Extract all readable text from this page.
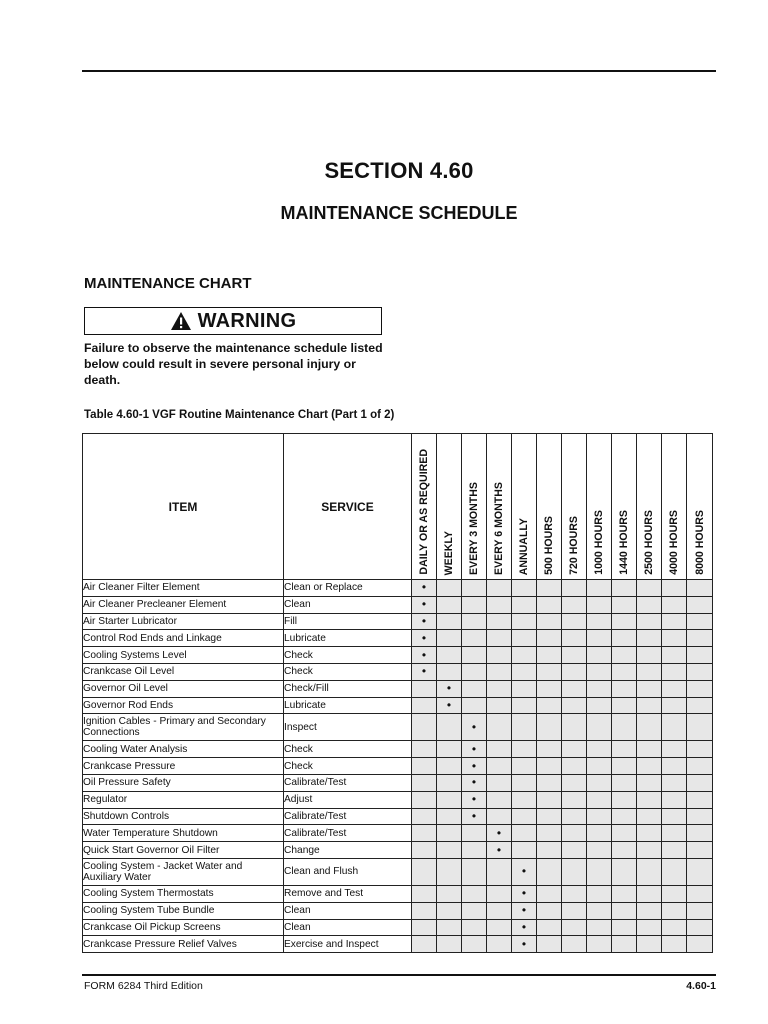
SECTION 4.60
MAINTENANCE SCHEDULE
MAINTENANCE CHART
WARNING
Failure to observe the maintenance schedule listed below could result in severe personal injury or death.
Table 4.60-1 VGF Routine Maintenance Chart (Part 1 of 2)
ITEM	SERVICE	DAILY OR AS REQUIRED	WEEKLY	EVERY 3 MONTHS	EVERY 6 MONTHS	ANNUALLY	500 HOURS	720 HOURS	1000 HOURS	1440 HOURS	2500 HOURS	4000 HOURS	8000 HOURS

Air Cleaner Filter Element	Clean or Replace	•											
Air Cleaner Precleaner Element	Clean	•											
Air Starter Lubricator	Fill	•											
Control Rod Ends and Linkage	Lubricate	•											
Cooling Systems Level	Check	•											
Crankcase Oil Level	Check	•											
Governor Oil Level	Check/Fill		•										
Governor Rod Ends	Lubricate		•										
Ignition Cables - Primary and Secondary Connections	Inspect			•									
Cooling Water Analysis	Check			•									
Crankcase Pressure	Check			•									
Oil Pressure Safety	Calibrate/Test			•									
Regulator	Adjust			•									
Shutdown Controls	Calibrate/Test			•									
Water Temperature Shutdown	Calibrate/Test				•								
Quick Start Governor Oil Filter	Change				•								
Cooling System - Jacket Water and Auxiliary Water	Clean and Flush					•							
Cooling System Thermostats	Remove and Test					•							
Cooling System Tube Bundle	Clean					•							
Crankcase Oil Pickup Screens	Clean					•							
Crankcase Pressure Relief Valves	Exercise and Inspect					•							
FORM 6284 Third Edition	4.60-1
